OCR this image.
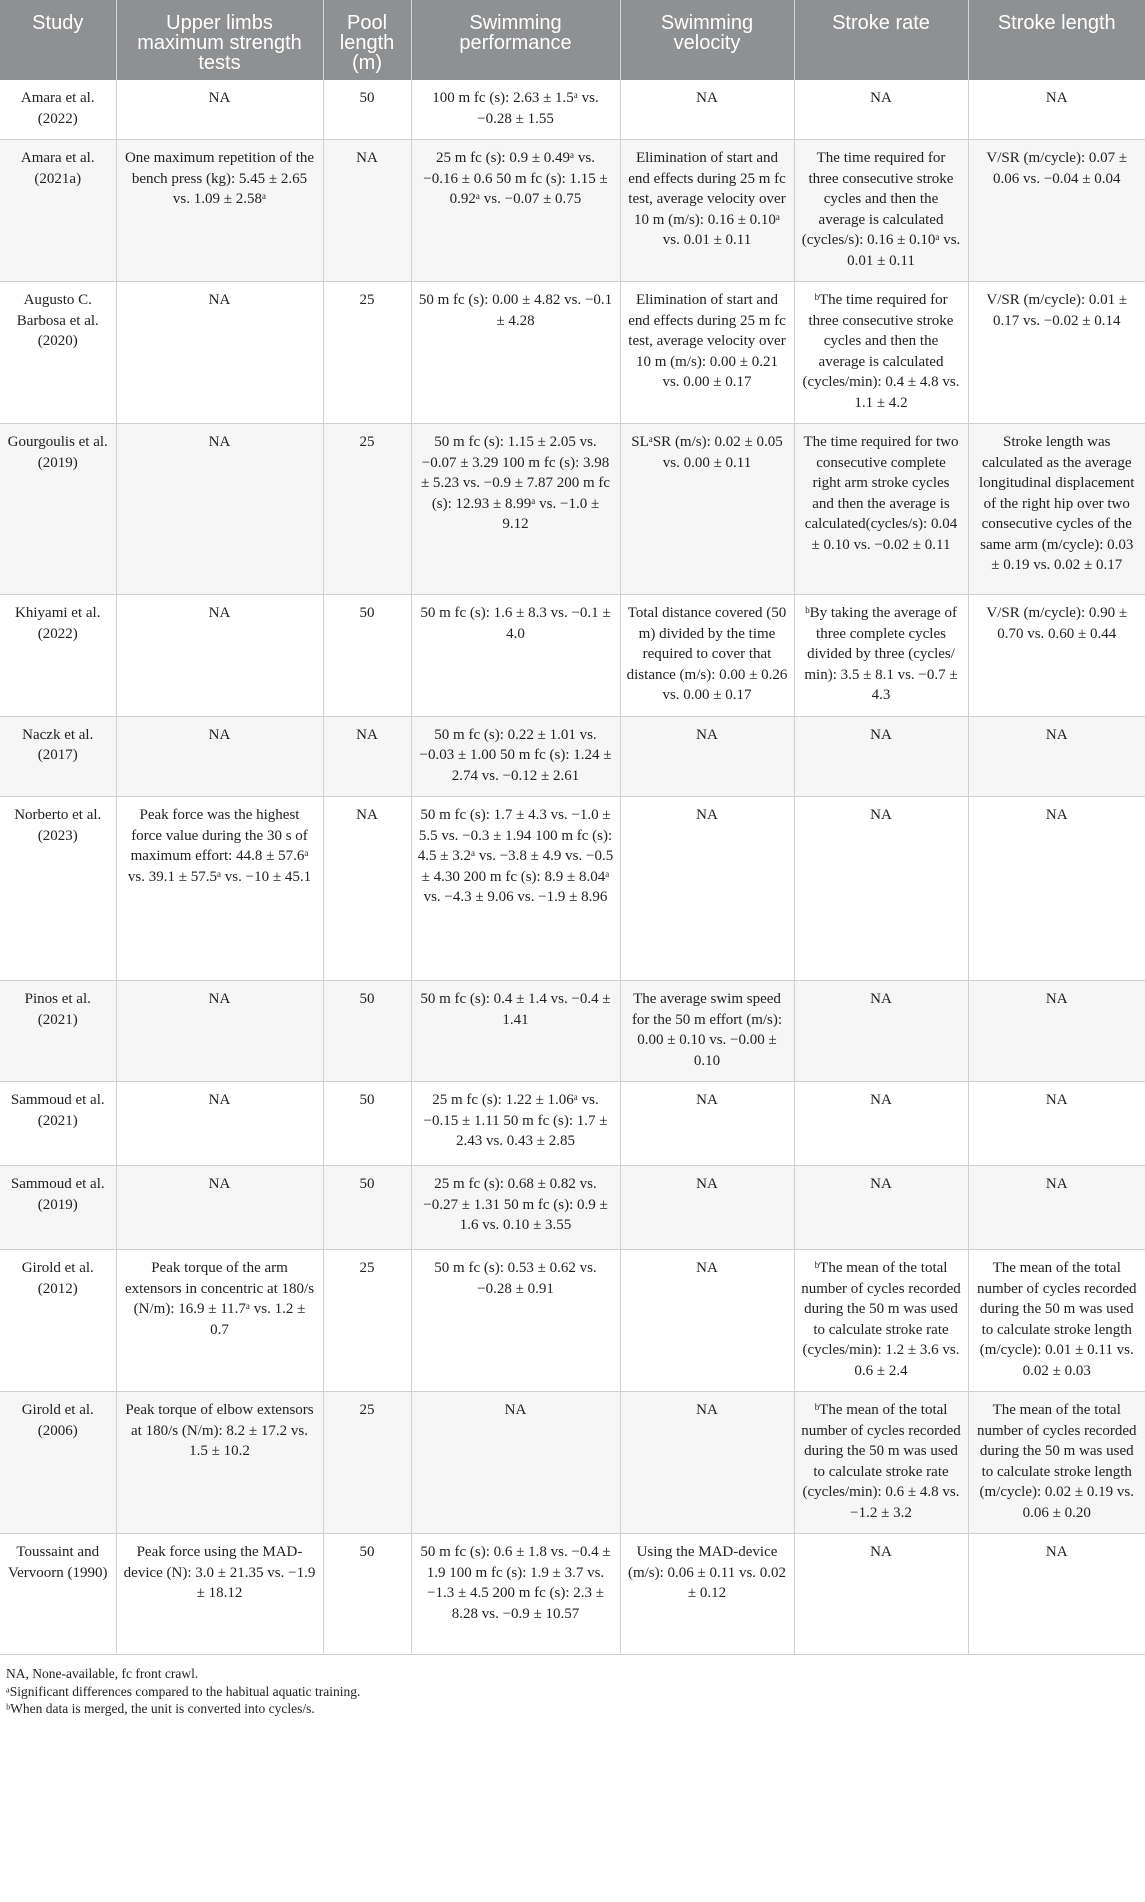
Study	Upper limbs maximum strength tests	Pool length (m)	Swimming performance	Swimming velocity	Stroke rate	Stroke length
Amara et al. (2022)	NA	50	100 m fc (s): 2.63 ± 1.5ᵃ vs. −0.28 ± 1.55	NA	NA	NA
Amara et al. (2021a)	One maximum repetition of the bench press (kg): 5.45 ± 2.65 vs. 1.09 ± 2.58ᵃ	NA	25 m fc (s): 0.9 ± 0.49ᵃ vs. −0.16 ± 0.6 50 m fc (s): 1.15 ± 0.92ᵃ vs. −0.07 ± 0.75	Elimination of start and end effects during 25 m fc test, average velocity over 10 m (m/s): 0.16 ± 0.10ᵃ vs. 0.01 ± 0.11	The time required for three consecutive stroke cycles and then the average is calculated (cycles/s): 0.16 ± 0.10ᵃ vs. 0.01 ± 0.11	V/SR (m/cycle): 0.07 ± 0.06 vs. −0.04 ± 0.04
Augusto C. Barbosa et al. (2020)	NA	25	50 m fc (s): 0.00 ± 4.82 vs. −0.1 ± 4.28	Elimination of start and end effects during 25 m fc test, average velocity over 10 m (m/s): 0.00 ± 0.21 vs. 0.00 ± 0.17	ᵇThe time required for three consecutive stroke cycles and then the average is calculated (cycles/min): 0.4 ± 4.8 vs. 1.1 ± 4.2	V/SR (m/cycle): 0.01 ± 0.17 vs. −0.02 ± 0.14
Gourgoulis et al. (2019)	NA	25	50 m fc (s): 1.15 ± 2.05 vs. −0.07 ± 3.29 100 m fc (s): 3.98 ± 5.23 vs. −0.9 ± 7.87 200 m fc (s): 12.93 ± 8.99ᵃ vs. −1.0 ± 9.12	SLᵃSR (m/s): 0.02 ± 0.05 vs. 0.00 ± 0.11	The time required for two consecutive complete right arm stroke cycles and then the average is calculated(cycles/s): 0.04 ± 0.10 vs. −0.02 ± 0.11	Stroke length was calculated as the average longitudinal displacement of the right hip over two consecutive cycles of the same arm (m/cycle): 0.03 ± 0.19 vs. 0.02 ± 0.17
Khiyami et al. (2022)	NA	50	50 m fc (s): 1.6 ± 8.3 vs. −0.1 ± 4.0	Total distance covered (50 m) divided by the time required to cover that distance (m/s): 0.00 ± 0.26 vs. 0.00 ± 0.17	ᵇBy taking the average of three complete cycles divided by three (cycles/ min): 3.5 ± 8.1 vs. −0.7 ± 4.3	V/SR (m/cycle): 0.90 ± 0.70 vs. 0.60 ± 0.44
Naczk et al. (2017)	NA	NA	50 m fc (s): 0.22 ± 1.01 vs. −0.03 ± 1.00 50 m fc (s): 1.24 ± 2.74 vs. −0.12 ± 2.61	NA	NA	NA
Norberto et al. (2023)	Peak force was the highest force value during the 30 s of maximum effort: 44.8 ± 57.6ᵃ vs. 39.1 ± 57.5ᵃ vs. −10 ± 45.1	NA	50 m fc (s): 1.7 ± 4.3 vs. −1.0 ± 5.5 vs. −0.3 ± 1.94 100 m fc (s): 4.5 ± 3.2ᵃ vs. −3.8 ± 4.9 vs. −0.5 ± 4.30 200 m fc (s): 8.9 ± 8.04ᵃ vs. −4.3 ± 9.06 vs. −1.9 ± 8.96	NA	NA	NA
Pinos et al. (2021)	NA	50	50 m fc (s): 0.4 ± 1.4 vs. −0.4 ± 1.41	The average swim speed for the 50 m effort (m/s): 0.00 ± 0.10 vs. −0.00 ± 0.10	NA	NA
Sammoud et al. (2021)	NA	50	25 m fc (s): 1.22 ± 1.06ᵃ vs. −0.15 ± 1.11 50 m fc (s): 1.7 ± 2.43 vs. 0.43 ± 2.85	NA	NA	NA
Sammoud et al. (2019)	NA	50	25 m fc (s): 0.68 ± 0.82 vs. −0.27 ± 1.31 50 m fc (s): 0.9 ± 1.6 vs. 0.10 ± 3.55	NA	NA	NA
Girold et al. (2012)	Peak torque of the arm extensors in concentric at 180/s (N/m): 16.9 ± 11.7ᵃ vs. 1.2 ± 0.7	25	50 m fc (s): 0.53 ± 0.62 vs. −0.28 ± 0.91	NA	ᵇThe mean of the total number of cycles recorded during the 50 m was used to calculate stroke rate (cycles/min): 1.2 ± 3.6 vs. 0.6 ± 2.4	The mean of the total number of cycles recorded during the 50 m was used to calculate stroke length (m/cycle): 0.01 ± 0.11 vs. 0.02 ± 0.03
Girold et al. (2006)	Peak torque of elbow extensors at 180/s (N/m): 8.2 ± 17.2 vs. 1.5 ± 10.2	25	NA	NA	ᵇThe mean of the total number of cycles recorded during the 50 m was used to calculate stroke rate (cycles/min): 0.6 ± 4.8 vs. −1.2 ± 3.2	The mean of the total number of cycles recorded during the 50 m was used to calculate stroke length (m/cycle): 0.02 ± 0.19 vs. 0.06 ± 0.20
Toussaint and Vervoorn (1990)	Peak force using the MAD-device (N): 3.0 ± 21.35 vs. −1.9 ± 18.12	50	50 m fc (s): 0.6 ± 1.8 vs. −0.4 ± 1.9 100 m fc (s): 1.9 ± 3.7 vs. −1.3 ± 4.5 200 m fc (s): 2.3 ± 8.28 vs. −0.9 ± 10.57	Using the MAD-device (m/s): 0.06 ± 0.11 vs. 0.02 ± 0.12	NA	NA
NA, None-available, fc front crawl.
ᵃSignificant differences compared to the habitual aquatic training.
ᵇWhen data is merged, the unit is converted into cycles/s.
